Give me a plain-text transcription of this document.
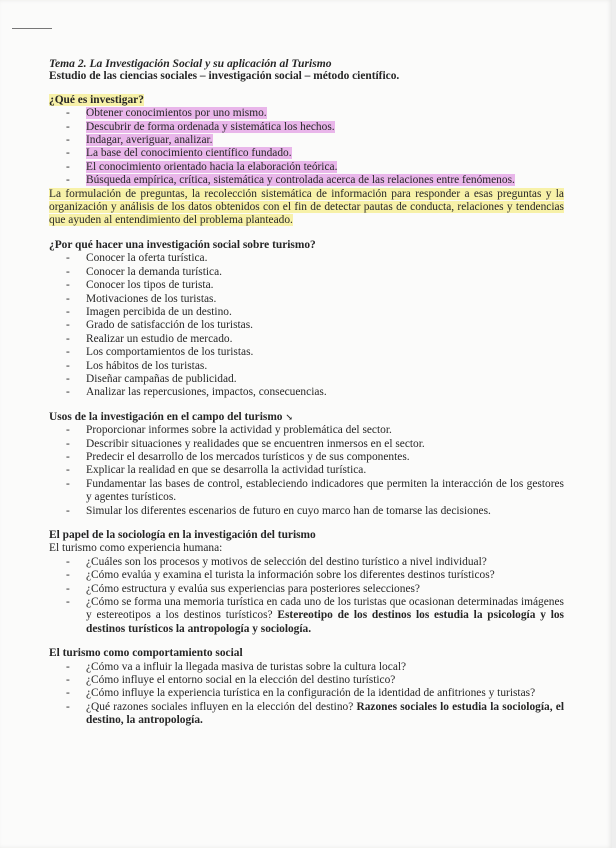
Tema 2. La Investigación Social y su aplicación al Turismo
Estudio de las ciencias sociales – investigación social – método científico.
¿Qué es investigar?
- Obtener conocimientos por uno mismo.
- Descubrir de forma ordenada y sistemática los hechos.
- Indagar, averiguar, analizar.
- La base del conocimiento científico fundado.
- El conocimiento orientado hacia la elaboración teórica.
- Búsqueda empírica, crítica, sistemática y controlada acerca de las relaciones entre fenómenos.
La formulación de preguntas, la recolección sistemática de información para responder a esas preguntas y la organización y análisis de los datos obtenidos con el fin de detectar pautas de conducta, relaciones y tendencias que ayuden al entendimiento del problema planteado.
¿Por qué hacer una investigación social sobre turismo?
- Conocer la oferta turística.
- Conocer la demanda turística.
- Conocer los tipos de turista.
- Motivaciones de los turistas.
- Imagen percibida de un destino.
- Grado de satisfacción de los turistas.
- Realizar un estudio de mercado.
- Los comportamientos de los turistas.
- Los hábitos de los turistas.
- Diseñar campañas de publicidad.
- Analizar las repercusiones, impactos, consecuencias.
Usos de la investigación en el campo del turismo ↘
- Proporcionar informes sobre la actividad y problemática del sector.
- Describir situaciones y realidades que se encuentren inmersos en el sector.
- Predecir el desarrollo de los mercados turísticos y de sus componentes.
- Explicar la realidad en que se desarrolla la actividad turística.
- Fundamentar las bases de control, estableciendo indicadores que permiten la interacción de los gestores y agentes turísticos.
- Simular los diferentes escenarios de futuro en cuyo marco han de tomarse las decisiones.
El papel de la sociología en la investigación del turismo
El turismo como experiencia humana:
- ¿Cuáles son los procesos y motivos de selección del destino turístico a nivel individual?
- ¿Cómo evalúa y examina el turista la información sobre los diferentes destinos turísticos?
- ¿Cómo estructura y evalúa sus experiencias para posteriores selecciones?
- ¿Cómo se forma una memoria turística en cada uno de los turistas que ocasionan determinadas imágenes y estereotipos a los destinos turísticos? Estereotipo de los destinos los estudia la psicología y los destinos turísticos la antropología y sociología.
El turismo como comportamiento social
- ¿Cómo va a influir la llegada masiva de turistas sobre la cultura local?
- ¿Cómo influye el entorno social en la elección del destino turístico?
- ¿Cómo influye la experiencia turística en la configuración de la identidad de anfitriones y turistas?
- ¿Qué razones sociales influyen en la elección del destino? Razones sociales lo estudia la sociología, el destino, la antropología.
